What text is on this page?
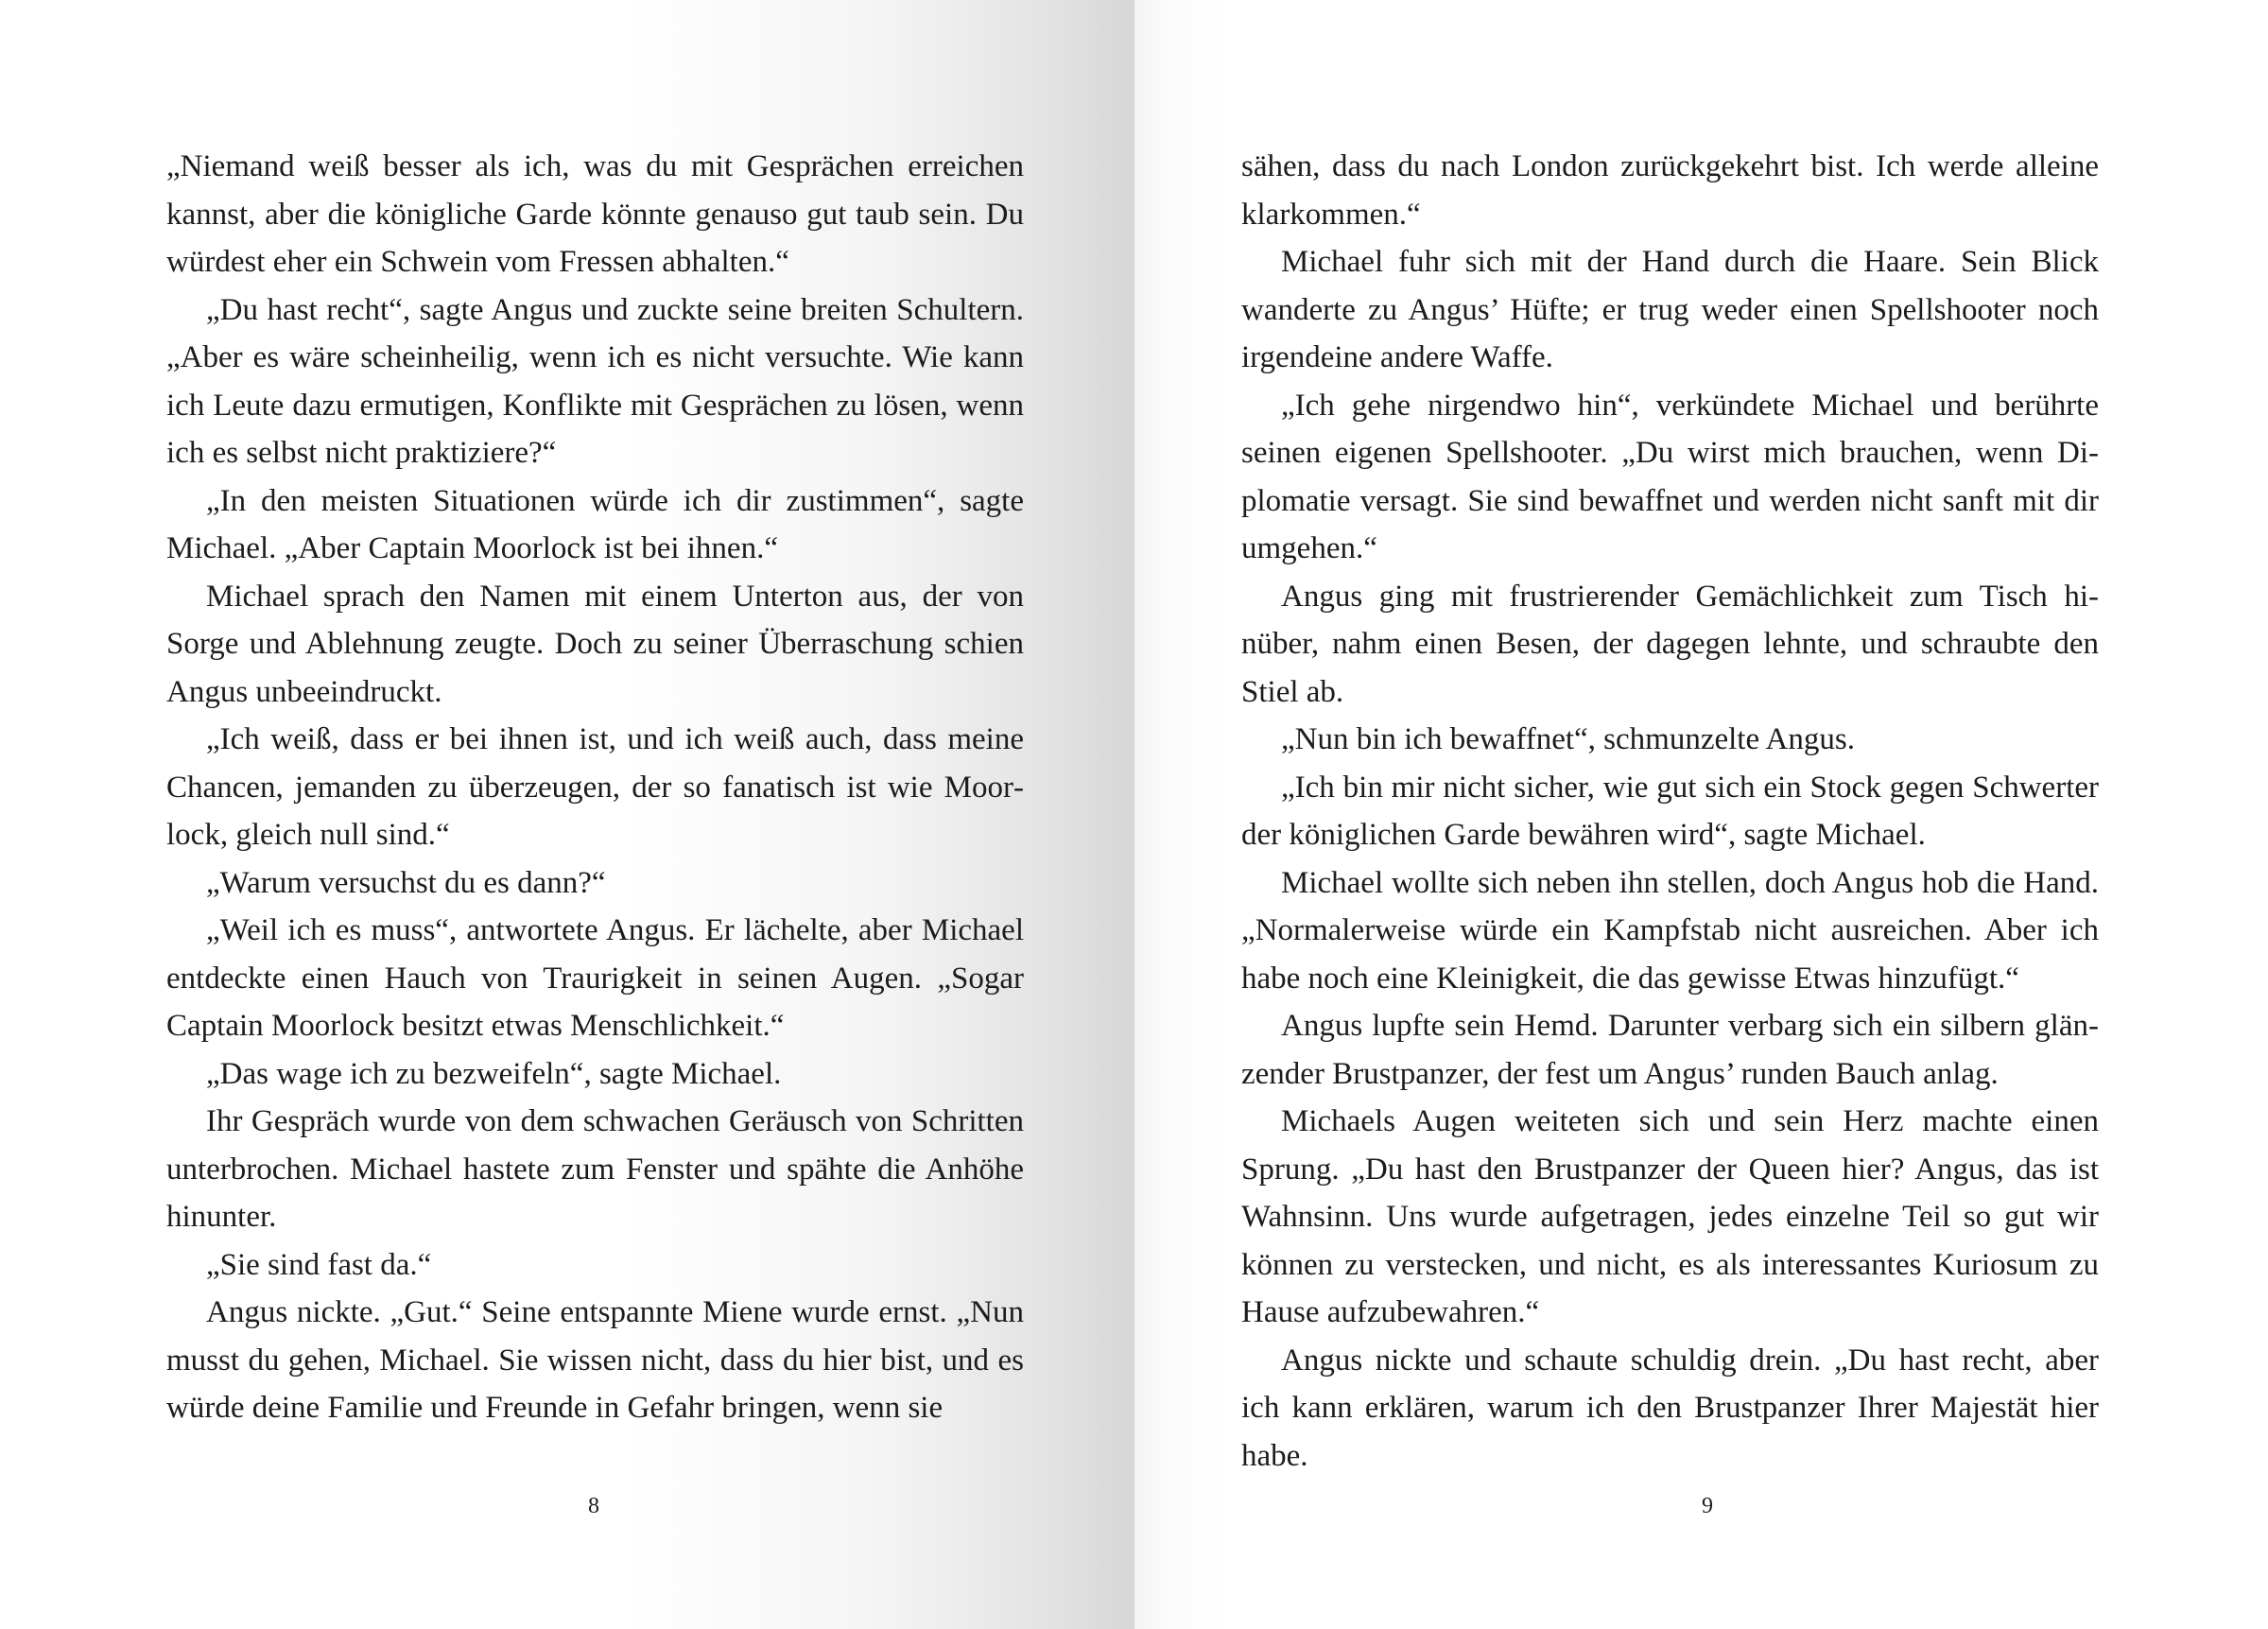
„Niemand weiß besser als ich, was du mit Gesprächen erreichen kannst, aber die königliche Garde könnte genauso gut taub sein. Du würdest eher ein Schwein vom Fressen abhalten.“

„Du hast recht“, sagte Angus und zuckte seine breiten Schultern. „Aber es wäre scheinheilig, wenn ich es nicht versuchte. Wie kann ich Leute dazu ermutigen, Konflikte mit Gesprächen zu lösen, wenn ich es selbst nicht praktiziere?“

„In den meisten Situationen würde ich dir zustimmen“, sagte Michael. „Aber Captain Moorlock ist bei ihnen.“

Michael sprach den Namen mit einem Unterton aus, der von Sorge und Ablehnung zeugte. Doch zu seiner Überraschung schien Angus unbeeindruckt.

„Ich weiß, dass er bei ihnen ist, und ich weiß auch, dass meine Chancen, jemanden zu überzeugen, der so fanatisch ist wie Moorlock, gleich null sind.“

„Warum versuchst du es dann?“

„Weil ich es muss“, antwortete Angus. Er lächelte, aber Michael entdeckte einen Hauch von Traurigkeit in seinen Augen. „Sogar Captain Moorlock besitzt etwas Menschlichkeit.“

„Das wage ich zu bezweifeln“, sagte Michael.

Ihr Gespräch wurde von dem schwachen Geräusch von Schritten unterbrochen. Michael hastete zum Fenster und spähte die Anhöhe hinunter.

„Sie sind fast da.“

Angus nickte. „Gut.“ Seine entspannte Miene wurde ernst. „Nun musst du gehen, Michael. Sie wissen nicht, dass du hier bist, und es würde deine Familie und Freunde in Gefahr bringen, wenn sie

8

sähen, dass du nach London zurückgekehrt bist. Ich werde alleine klarkommen.“

Michael fuhr sich mit der Hand durch die Haare. Sein Blick wanderte zu Angus’ Hüfte; er trug weder einen Spellshooter noch irgendeine andere Waffe.

„Ich gehe nirgendwo hin“, verkündete Michael und berührte seinen eigenen Spellshooter. „Du wirst mich brauchen, wenn Diplomatie versagt. Sie sind bewaffnet und werden nicht sanft mit dir umgehen.“

Angus ging mit frustrierender Gemächlichkeit zum Tisch hinüber, nahm einen Besen, der dagegen lehnte, und schraubte den Stiel ab.

„Nun bin ich bewaffnet“, schmunzelte Angus.

„Ich bin mir nicht sicher, wie gut sich ein Stock gegen Schwerter der königlichen Garde bewähren wird“, sagte Michael.

Michael wollte sich neben ihn stellen, doch Angus hob die Hand. „Normalerweise würde ein Kampfstab nicht ausreichen. Aber ich habe noch eine Kleinigkeit, die das gewisse Etwas hinzufügt.“

Angus lupfte sein Hemd. Darunter verbarg sich ein silbern glänzender Brustpanzer, der fest um Angus’ runden Bauch anlag.

Michaels Augen weiteten sich und sein Herz machte einen Sprung. „Du hast den Brustpanzer der Queen hier? Angus, das ist Wahnsinn. Uns wurde aufgetragen, jedes einzelne Teil so gut wir können zu verstecken, und nicht, es als interessantes Kuriosum zu Hause aufzubewahren.“

Angus nickte und schaute schuldig drein. „Du hast recht, aber ich kann erklären, warum ich den Brustpanzer Ihrer Majestät hier habe.

9
